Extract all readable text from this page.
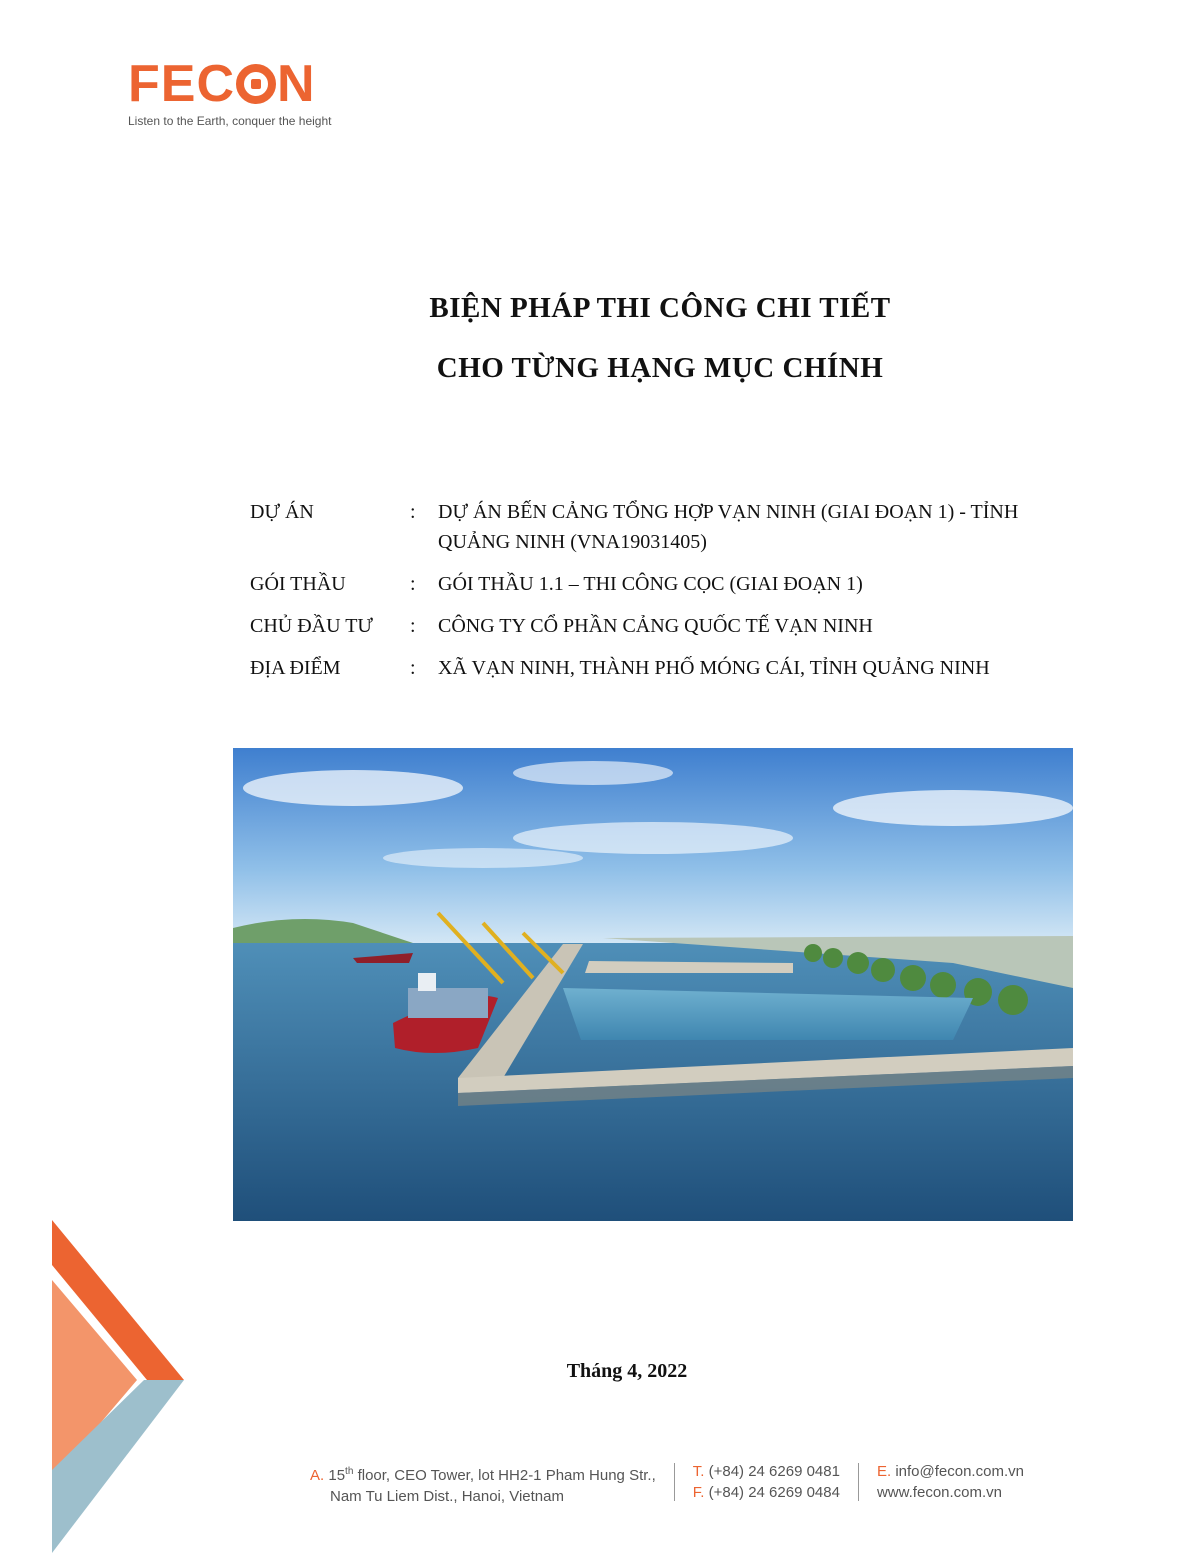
FEC N
Listen to the Earth, conquer the height
BIỆN PHÁP THI CÔNG CHI TIẾT
CHO TỪNG HẠNG MỤC CHÍNH
DỰ ÁN	:	DỰ ÁN BẾN CẢNG TỔNG HỢP VẠN NINH (GIAI ĐOẠN 1) - TỈNH QUẢNG NINH (VNA19031405)
GÓI THẦU	:	GÓI THẦU 1.1 – THI CÔNG CỌC (GIAI ĐOẠN 1)
CHỦ ĐẦU TƯ	:	CÔNG TY CỔ PHẦN CẢNG QUỐC TẾ VẠN NINH
ĐỊA ĐIỂM	:	XÃ VẠN NINH, THÀNH PHỐ MÓNG CÁI, TỈNH QUẢNG NINH
Tháng 4, 2022
A. 15th floor, CEO Tower, lot HH2-1 Pham Hung Str.,
Nam Tu Liem Dist., Hanoi, Vietnam
T. (+84) 24 6269 0481
F. (+84) 24 6269 0484
E. info@fecon.com.vn
www.fecon.com.vn
